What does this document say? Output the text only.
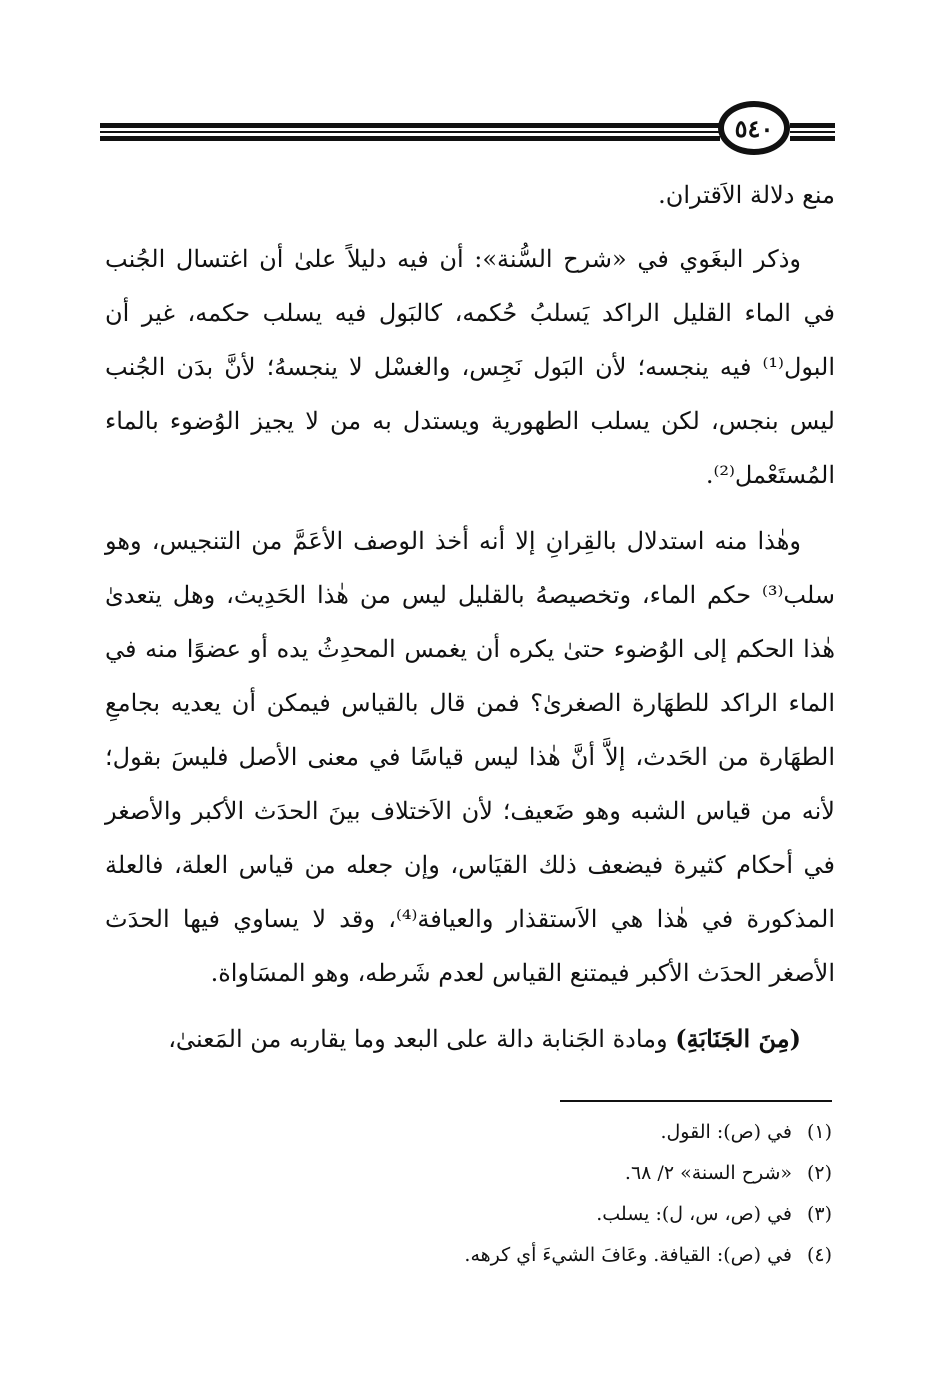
٥٤٠

منع دلالة الاَقتران.

وذكر البغَوي في «شرح السُّنة»: أن فيه دليلاً علىٰ أن اغتسال الجُنب في الماء القليل الراكد يَسلبُ حُكمه، كالبَول فيه يسلب حكمه، غير أن البول⁽¹⁾ فيه ينجسه؛ لأن البَول نَجِس، والغسْل لا ينجسهُ؛ لأنَّ بدَن الجُنب ليس بنجس، لكن يسلب الطهورية ويستدل به من لا يجيز الوُضوء بالماء المُستَعْمل⁽²⁾.

وهٰذا منه استدلال بالقِرانِ إلا أنه أخذ الوصف الأعَمَّ من التنجيس، وهو سلب⁽³⁾ حكم الماء، وتخصيصهُ بالقليل ليس من هٰذا الحَدِيث، وهل يتعدىٰ هٰذا الحكم إلى الوُضوء حتىٰ يكره أن يغمس المحدِثُ يده أو عضوًا منه في الماء الراكد للطهَارة الصغرىٰ؟ فمن قال بالقياس فيمكن أن يعديه بجامعِ الطهَارة من الحَدث، إلاَّ أنَّ هٰذا ليس قياسًا في معنى الأصل فليسَ بقول؛ لأنه من قياس الشبه وهو ضَعيف؛ لأن الاَختلاف بينَ الحدَث الأكبر والأصغر في أحكام كثيرة فيضعف ذلك القيَاس، وإن جعله من قياس العلة، فالعلة المذكورة في هٰذا هي الاَستقذار والعيافة⁽⁴⁾، وقد لا يساوي فيها الحدَث الأصغر الحدَث الأكبر فيمتنع القياس لعدم شَرطه، وهو المسَاواة.

(مِنَ الجَنَابَةِ) ومادة الجَنابة دالة على البعد وما يقاربه من المَعنىٰ،

(١)في (ص): القول.
(٢)«شرح السنة» ٢/ ٦٨.
(٣)في (ص، س، ل): يسلب.
(٤)في (ص): القيافة. وعَافَ الشيءَ أي كرهه.
